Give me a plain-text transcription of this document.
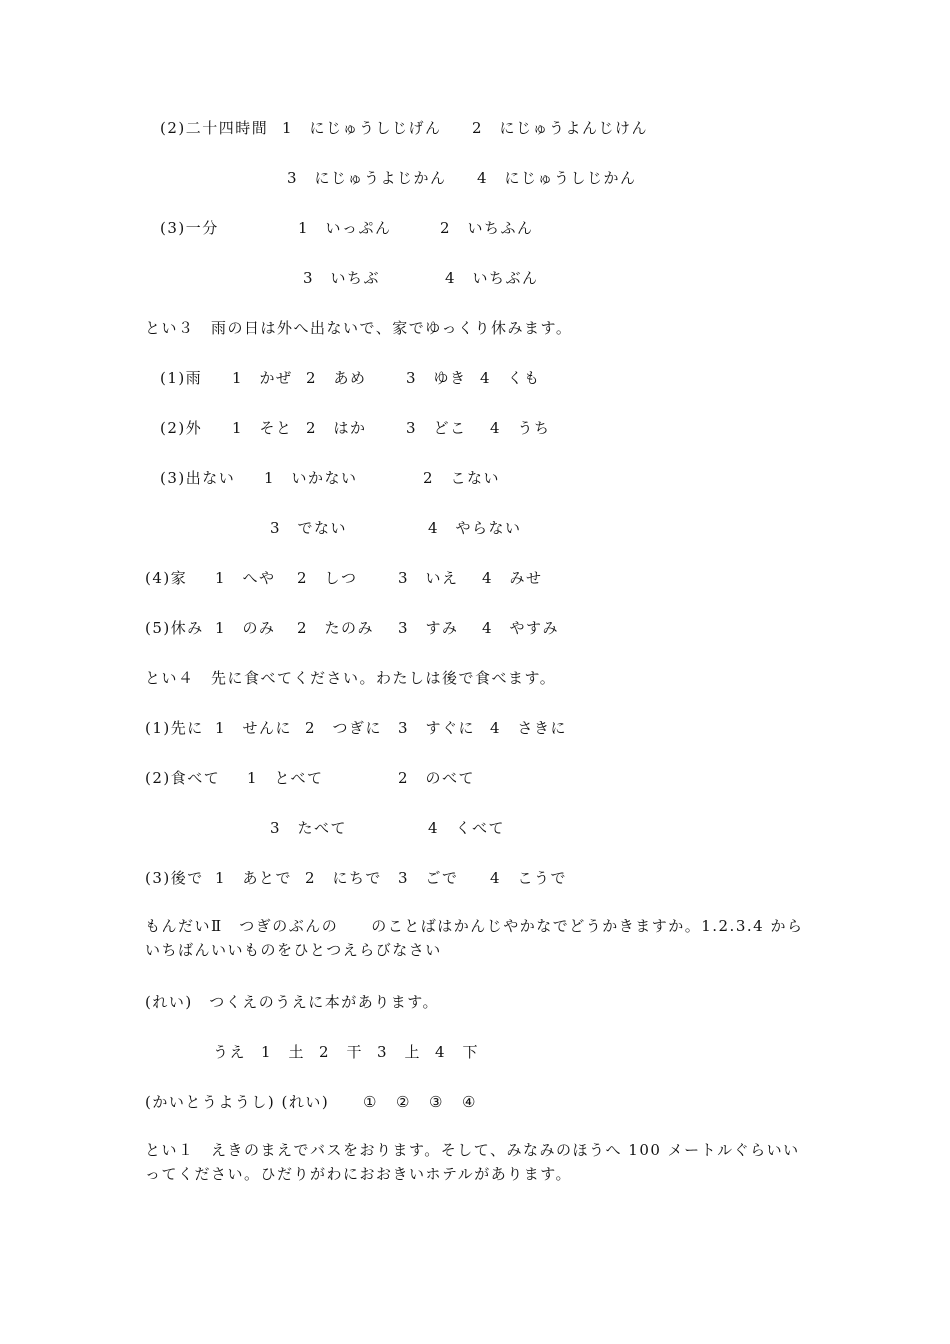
(2)二十四時間 1　にじゅうしじげん 2　にじゅうよんじけん
3　にじゅうよじかん 4　にじゅうしじかん
(3)一分	1　いっぷん	2　いちふん
3　いちぶ	4　いちぶん
とい３　雨の日は外へ出ないで、家でゆっくり休みます。
(1)雨 1　かぜ 2　あめ	3　ゆき 4　くも
(2)外 1　そと 2　はか	3　どこ 4　うち
(3)出ない 1　いかない	2　こない
3　でない	4　やらない
(4)家 1　へや 2　しつ	3　いえ 4　みせ
(5)休み 1　のみ 2　たのみ 3　すみ 4　やすみ
とい４　先に食べてください。わたしは後で食べます。
(1)先に 1　せんに 2　つぎに 3　すぐに 4　さきに
(2)食べて 1　とべて	2　のべて
3　たべて	4　くべて
(3)後で 1　あとで 2　にちで 3　ごで 4　こうで
もんだいⅡ　つぎのぶんの　　のことばはかんじやかなでどうかきますか。1.2.3.4 からいちばんいいものをひとつえらびなさい
(れい)　つくえのうえに本があります。
うえ 1　土 2　干 3　上 4　下
(かいとうようし) (れい) ① ② ③ ④
とい１　えきのまえでバスをおります。そして、みなみのほうへ 100 メートルぐらいいってください。ひだりがわにおおきいホテルがあります。
